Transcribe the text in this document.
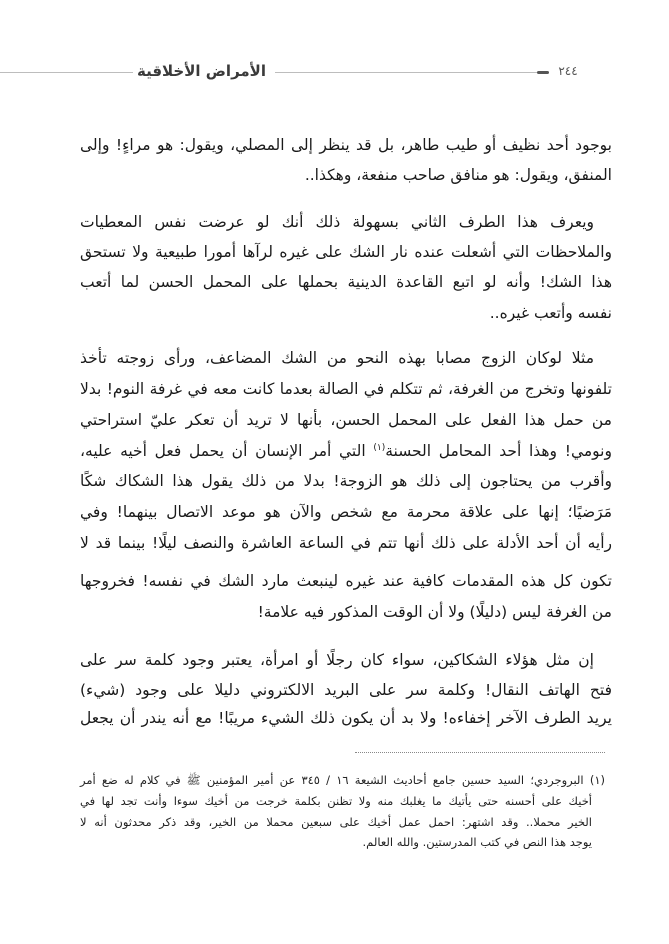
الأمراض الأخلاقية	٢٤٤
بوجود أحد نظيف أو طيب طاهر، بل قد ينظر إلى المصلي، ويقول: هو مراءٍ! وإلى
المنفق، ويقول: هو منافق صاحب منفعة، وهكذا..
ويعرف هذا الطرف الثاني بسهولة ذلك أنك لو عرضت نفس المعطيات
والملاحظات التي أشعلت عنده نار الشك على غيره لرآها أمورا طبيعية ولا تستحق
هذا الشك! وأنه لو اتبع القاعدة الدينية بحملها على المحمل الحسن لما أتعب
نفسه وأتعب غيره..
مثلا لوكان الزوج مصابا بهذه النحو من الشك المضاعف، ورأى زوجته تأخذ
تلفونها وتخرج من الغرفة، ثم تتكلم في الصالة بعدما كانت معه في غرفة النوم! بدلا
من حمل هذا الفعل على المحمل الحسن، بأنها لا تريد أن تعكر عليّ استراحتي
ونومي! وهذا أحد المحامل الحسنة$^{(١)}$ التي أمر الإنسان أن يحمل فعل أخيه عليه،
وأقرب من يحتاجون إلى ذلك هو الزوجة! بدلا من ذلك يقول هذا الشكاك شكًا
مَرَضيًا؛ إنها على علاقة محرمة مع شخص والآن هو موعد الاتصال بينهما! وفي
رأيه أن أحد الأدلة على ذلك أنها تتم في الساعة العاشرة والنصف ليلًا! بينما قد لا
تكون كل هذه المقدمات كافية عند غيره لينبعث مارد الشك في نفسه! فخروجها
من الغرفة ليس (دليلًا) ولا أن الوقت المذكور فيه علامة!
إن مثل هؤلاء الشكاكين، سواء كان رجلًا أو امرأة، يعتبر وجود كلمة سر على
فتح الهاتف النقال! وكلمة سر على البريد الالكتروني دليلا على وجود (شيء)
يريد الطرف الآخر إخفاءه! ولا بد أن يكون ذلك الشيء مريبًا! مع أنه يندر أن يجعل
(١) البروجردي؛ السيد حسين جامع أحاديث الشيعة ١٦ / ٣٤٥ عن أمير المؤمنين ﷺ في كلام له ضع أمر
أخيك على أحسنه حتى يأتيك ما يغلبك منه ولا تظنن بكلمة خرجت من أخيك سوءا وأنت تجد لها في
الخير محملا.. وقد اشتهر: احمل عمل أخيك على سبعين محملا من الخير، وقد ذكر محدثون أنه لا
يوجد هذا النص في كتب المدرستين. والله العالم.
